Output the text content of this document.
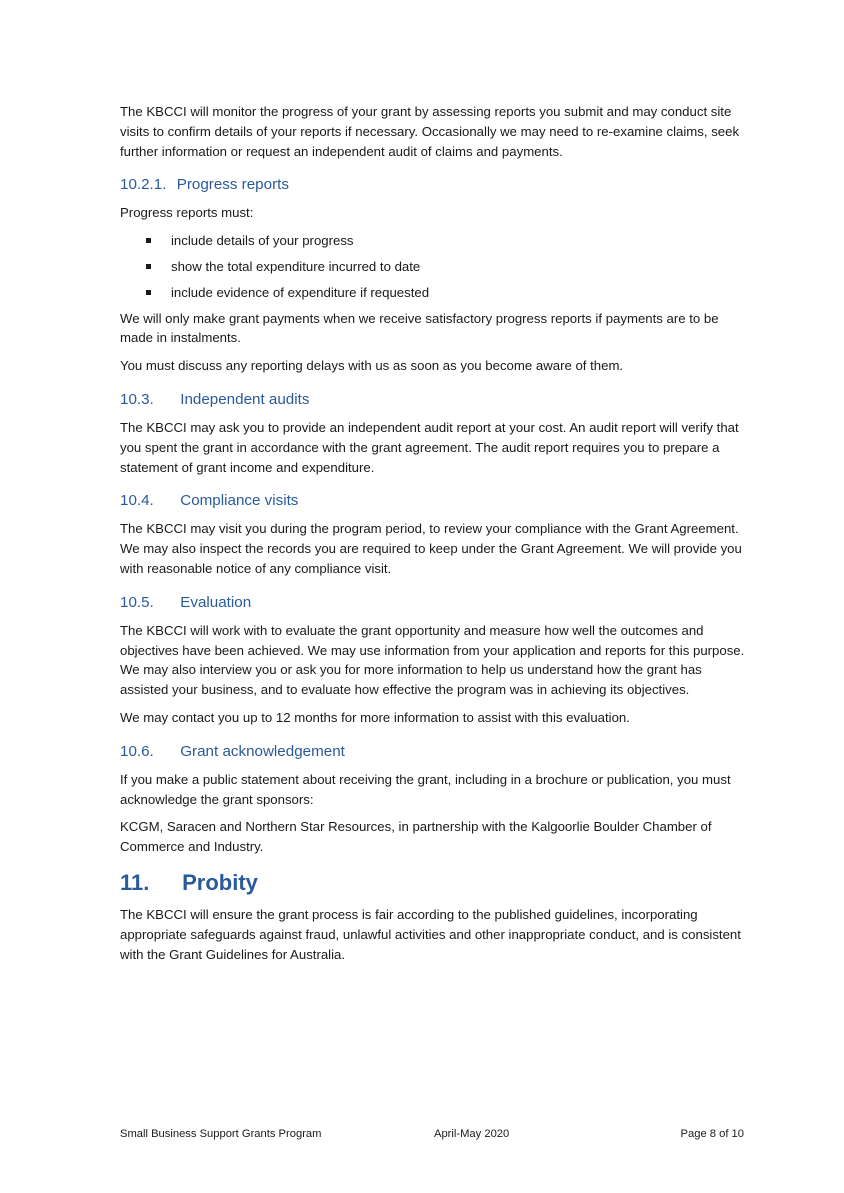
The KBCCI will monitor the progress of your grant by assessing reports you submit and may conduct site visits to confirm details of your reports if necessary. Occasionally we may need to re-examine claims, seek further information or request an independent audit of claims and payments.

10.2.1. Progress reports

Progress reports must:

include details of your progress
show the total expenditure incurred to date
include evidence of expenditure if requested

We will only make grant payments when we receive satisfactory progress reports if payments are to be made in instalments.

You must discuss any reporting delays with us as soon as you become aware of them.

10.3. Independent audits

The KBCCI may ask you to provide an independent audit report at your cost. An audit report will verify that you spent the grant in accordance with the grant agreement. The audit report requires you to prepare a statement of grant income and expenditure.

10.4. Compliance visits

The KBCCI may visit you during the program period, to review your compliance with the Grant Agreement. We may also inspect the records you are required to keep under the Grant Agreement. We will provide you with reasonable notice of any compliance visit.

10.5. Evaluation

The KBCCI will work with to evaluate the grant opportunity and measure how well the outcomes and objectives have been achieved. We may use information from your application and reports for this purpose. We may also interview you or ask you for more information to help us understand how the grant has assisted your business, and to evaluate how effective the program was in achieving its objectives.

We may contact you up to 12 months for more information to assist with this evaluation.

10.6. Grant acknowledgement

If you make a public statement about receiving the grant, including in a brochure or publication, you must acknowledge the grant sponsors:

KCGM, Saracen and Northern Star Resources, in partnership with the Kalgoorlie Boulder Chamber of Commerce and Industry.

11. Probity

The KBCCI will ensure the grant process is fair according to the published guidelines, incorporating appropriate safeguards against fraud, unlawful activities and other inappropriate conduct, and is consistent with the Grant Guidelines for Australia.

Small Business Support Grants Program	April-May 2020	Page 8 of 10
